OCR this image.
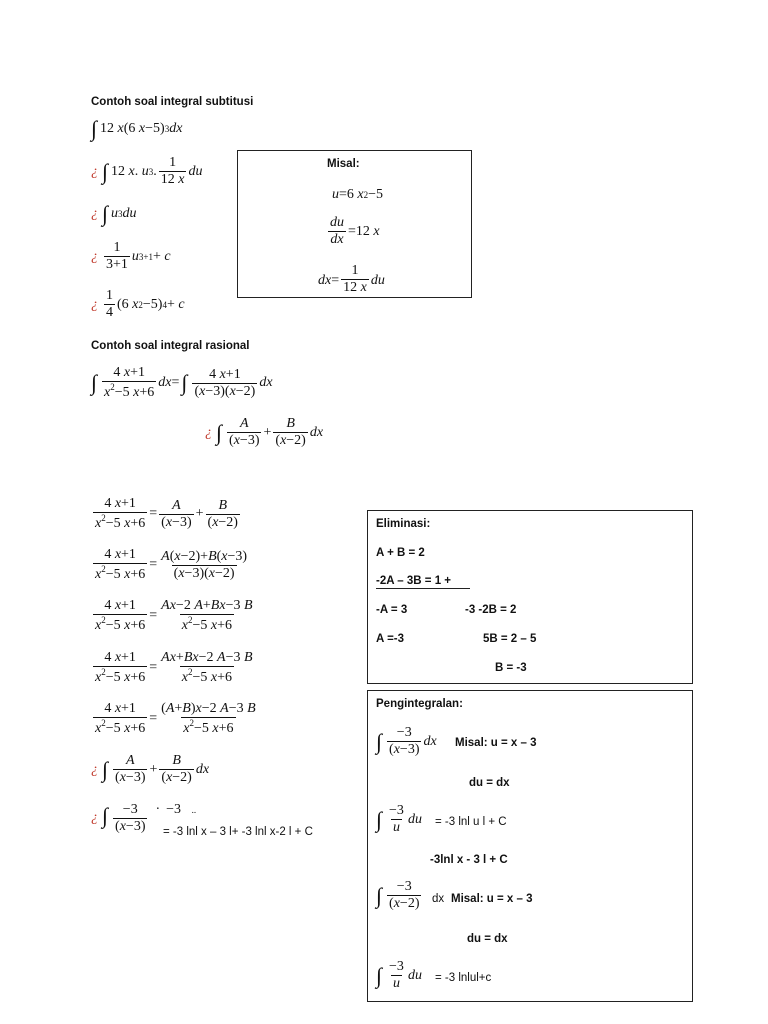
Contoh soal integral subtitusi
∫ 12 x (6 x −5) 3 dx
¿ ∫ 12 x . u 3 . $\frac{1}{12 x}$ du
¿ ∫ u 3 du
¿ $\frac{1}{3+1}$ u 3+1 + c
¿ $\frac{1}{4} (6$ x 2 −5) 4 + c
Misal:
u =6 x 2 −5
$\frac{du}{dx} =12$ x
$dx= \frac{1}{12 x}$ du
Contoh soal integral rasional
∫ $\frac{4 x+1}{x^2-5 x+6}$ dx = ∫ $\frac{4 x+1}{(x-3)(x-2)}$ dx
¿ ∫ $\frac{A}{(x-3)} + \frac{B}{(x-2)}$ dx
$\frac{4 x+1}{x^2-5 x+6} = \frac{A}{(x-3)} + \frac{B}{(x-2)}$
$\frac{4 x+1}{x^2-5 x+6} = \frac{A(x-2)+B(x-3)}{(x-3)(x-2)}$
$\frac{4 x+1}{x^2-5 x+6} = \frac{Ax-2 A+Bx-3 B}{x^2-5 x+6}$
$\frac{4 x+1}{x^2-5 x+6} = \frac{Ax+Bx-2 A-3 B}{x^2-5 x+6}$
$\frac{4 x+1}{x^2-5 x+6} = \frac{(A+B)x-2 A-3 B}{x^2-5 x+6}$
¿ ∫ $\frac{A}{(x-3)} + \frac{B}{(x-2)}$ dx
¿ ∫ $\frac{-3}{(x-3)} \cdot -3$   ..
= -3 lnl x – 3 l+ -3 lnl x-2 l + C
Eliminasi:
A + B = 2
-2A – 3B = 1 +
-A = 3	-3 -2B = 2
A =-3	5B = 2 – 5
B = -3
Pengintegralan:
∫ $\frac{-3}{(x-3)}$ dx Misal: u = x – 3
du = dx
∫ $\frac{-3}{u}$ du = -3 lnl u l + C
-3lnl x - 3 l + C
∫ $\frac{-3}{(x-2)}$ dx Misal: u = x – 3
du = dx
∫ $\frac{-3}{u}$ du = -3 lnlul+c
